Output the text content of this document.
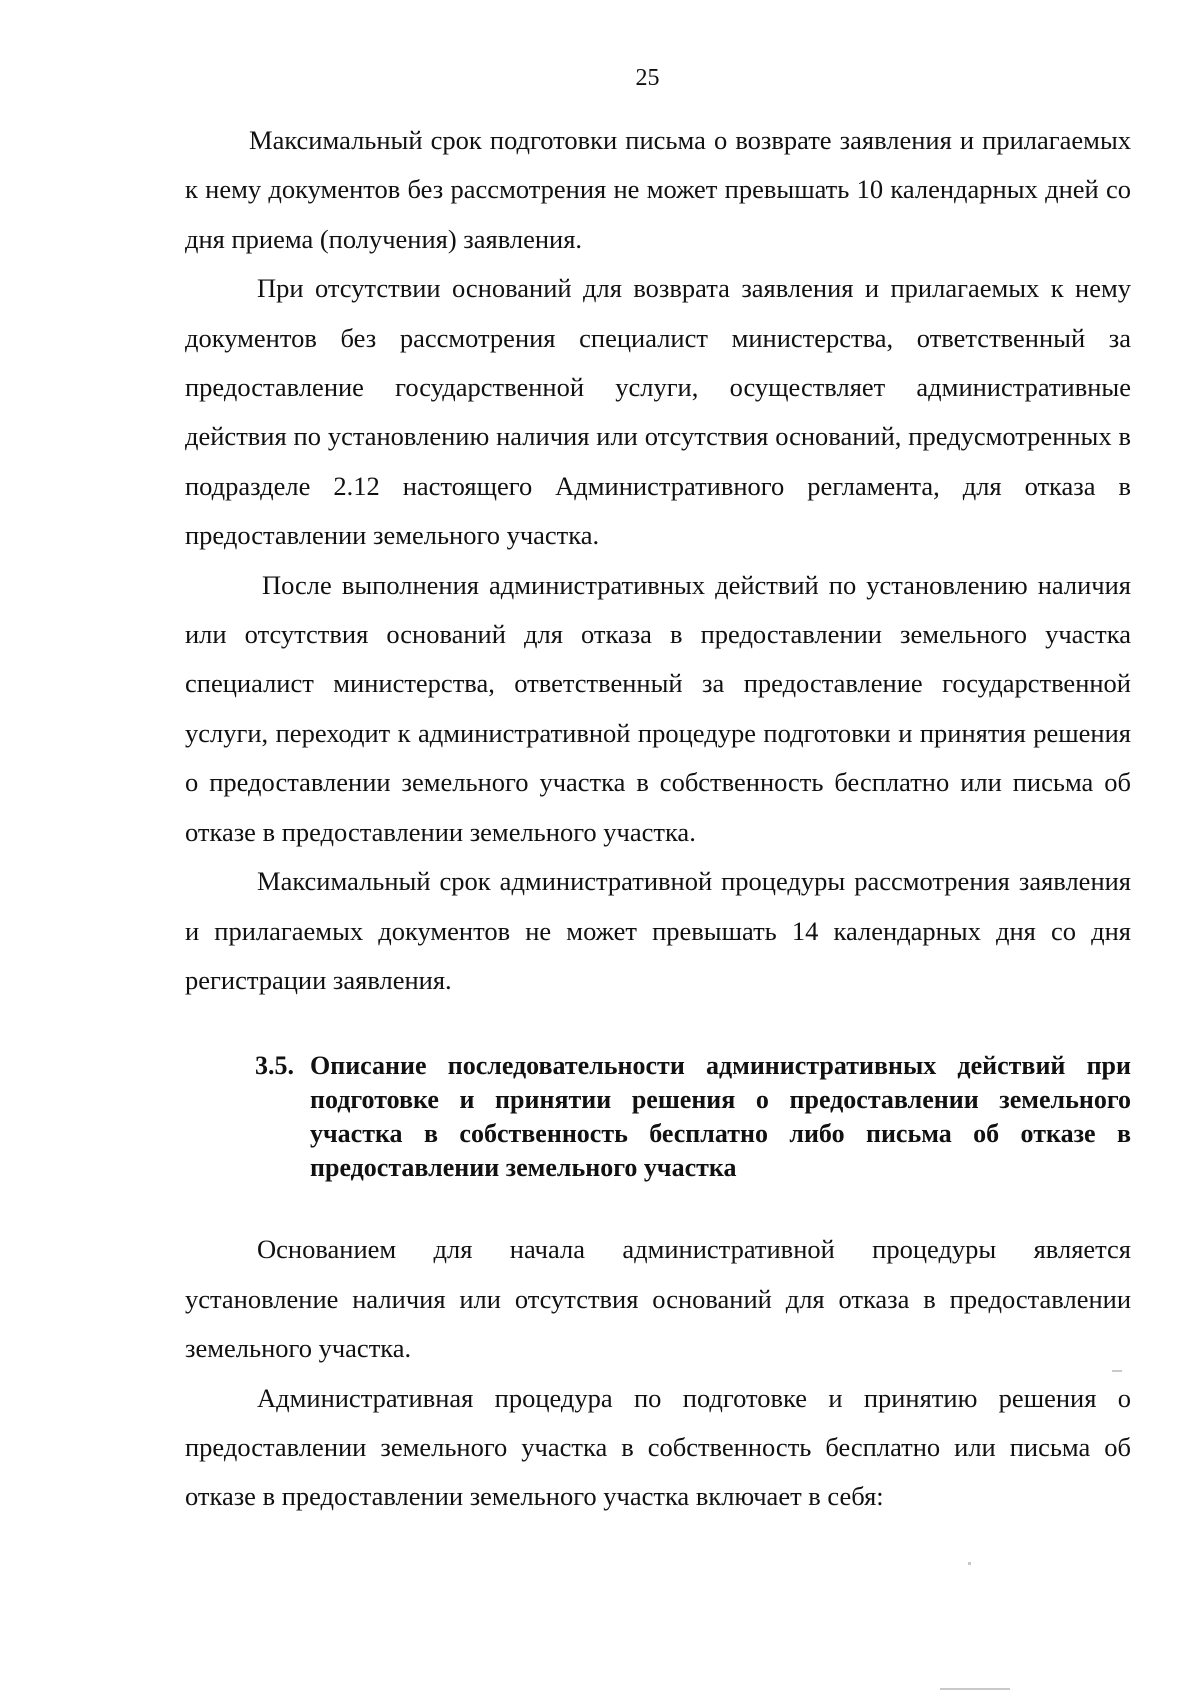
25

Максимальный срок подготовки письма о возврате заявления и прилагаемых к нему документов без рассмотрения не может превышать 10 календарных дней со дня приема (получения) заявления.

При отсутствии оснований для возврата заявления и прилагаемых к нему документов без рассмотрения специалист министерства, ответственный за предоставление государственной услуги, осуществляет административные действия по установлению наличия или отсутствия оснований, предусмотренных в подразделе 2.12 настоящего Административного регламента, для отказа в предоставлении земельного участка.

После выполнения административных действий по установлению наличия или отсутствия оснований для отказа в предоставлении земельного участка специалист министерства, ответственный за предоставление государственной услуги, переходит к административной процедуре подготовки и принятия решения о предоставлении земельного участка в собственность бесплатно или письма об отказе в предоставлении земельного участка.

Максимальный срок административной процедуры рассмотрения заявления и прилагаемых документов не может превышать 14 календарных дня со дня регистрации заявления.

3.5. Описание последовательности административных действий при подготовке и принятии решения о предоставлении земельного участка в собственность бесплатно либо письма об отказе в предоставлении земельного участка

Основанием для начала административной процедуры является установление наличия или отсутствия оснований для отказа в предоставлении земельного участка.

Административная процедура по подготовке и принятию решения о предоставлении земельного участка в собственность бесплатно или письма об отказе в предоставлении земельного участка включает в себя:
